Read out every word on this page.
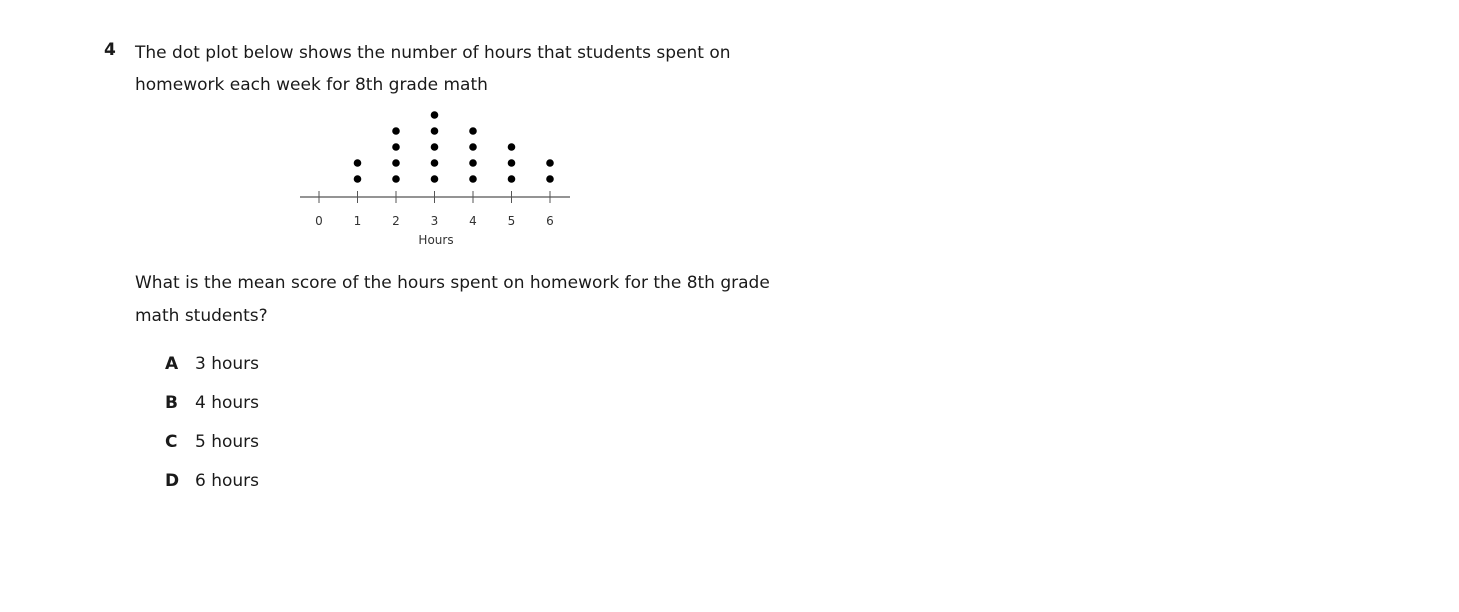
4 The dot plot below shows the number of hours that students spent on
homework each week for 8th grade math

0	1	2	3	4	5	6
Hours

What is the mean score of the hours spent on homework for the 8th grade
math students?

A 3 hours
B	4 hours
C	5 hours
D 6 hours
